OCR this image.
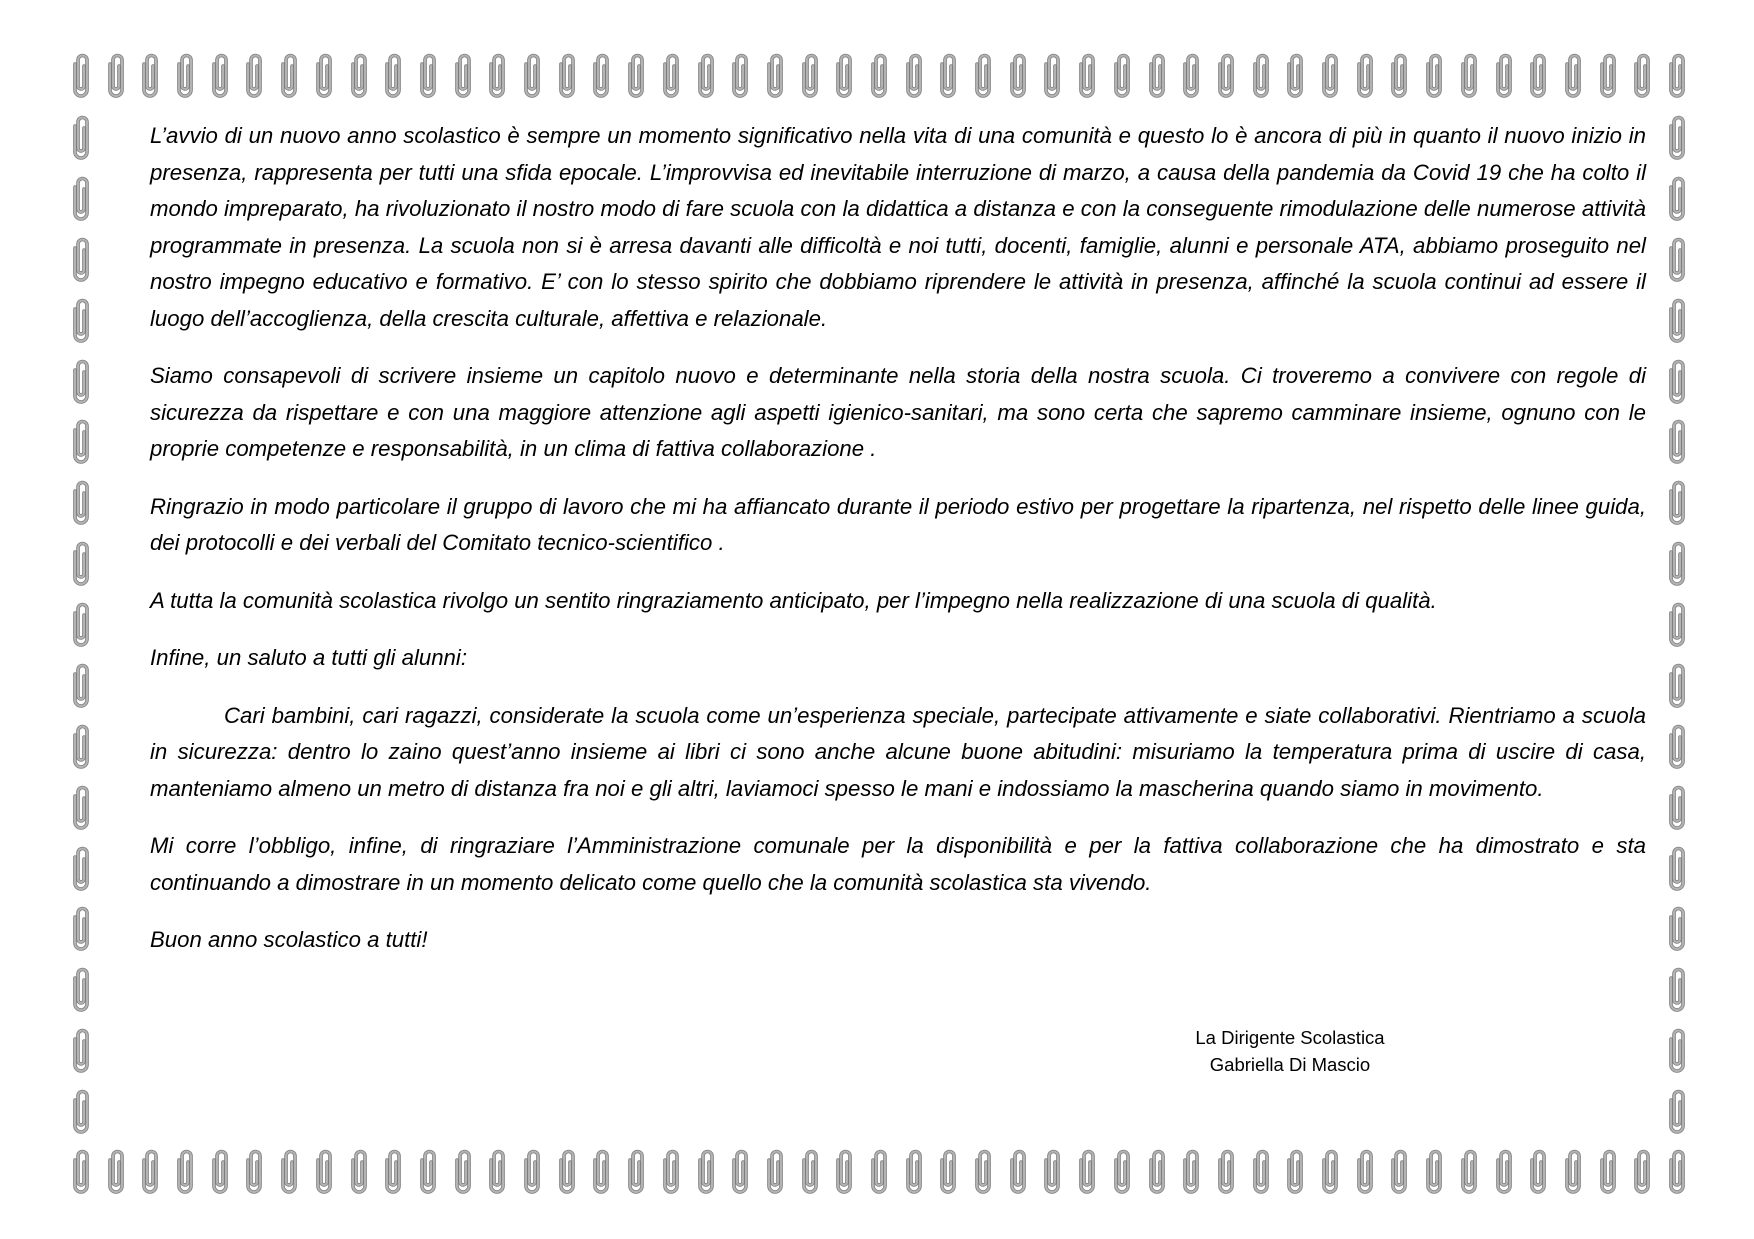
L’avvio di un nuovo anno scolastico è sempre un momento significativo nella vita di una comunità e questo lo è ancora di più in quanto il nuovo inizio in presenza, rappresenta per tutti una sfida epocale. L’improvvisa ed inevitabile interruzione di marzo, a causa della pandemia da Covid 19 che ha colto il mondo impreparato, ha rivoluzionato il nostro modo di fare scuola con la didattica a distanza e con la conseguente rimodulazione delle numerose attività programmate in presenza. La scuola non si è arresa davanti alle difficoltà e noi tutti, docenti, famiglie, alunni e personale ATA, abbiamo proseguito nel nostro impegno educativo e formativo. E’ con lo stesso spirito che dobbiamo riprendere le attività in presenza, affinché la scuola continui ad essere il luogo dell’accoglienza, della crescita culturale, affettiva e relazionale.

Siamo consapevoli di scrivere insieme un capitolo nuovo e determinante nella storia della nostra scuola. Ci troveremo a convivere con regole di sicurezza da rispettare e con una maggiore attenzione agli aspetti igienico-sanitari, ma sono certa che sapremo camminare insieme, ognuno con le proprie competenze e responsabilità, in un clima di fattiva collaborazione .

Ringrazio in modo particolare il gruppo di lavoro che mi ha affiancato durante il periodo estivo per progettare la ripartenza, nel rispetto delle linee guida, dei protocolli e dei verbali del Comitato tecnico-scientifico .

A tutta la comunità scolastica rivolgo un sentito ringraziamento anticipato, per l’impegno nella realizzazione di una scuola di qualità.

Infine, un saluto a tutti gli alunni:

Cari bambini, cari ragazzi, considerate la scuola come un’esperienza speciale, partecipate attivamente e siate collaborativi. Rientriamo a scuola in sicurezza: dentro lo zaino quest’anno insieme ai libri ci sono anche alcune buone abitudini: misuriamo la temperatura prima di uscire di casa, manteniamo almeno un metro di distanza fra noi e gli altri, laviamoci spesso le mani e indossiamo la mascherina quando siamo in movimento.

Mi corre l’obbligo, infine, di ringraziare l’Amministrazione comunale per la disponibilità e per la fattiva collaborazione che ha dimostrato e sta continuando a dimostrare in un momento delicato come quello che la comunità scolastica sta vivendo.

Buon anno scolastico a tutti!

La Dirigente Scolastica
Gabriella Di Mascio
